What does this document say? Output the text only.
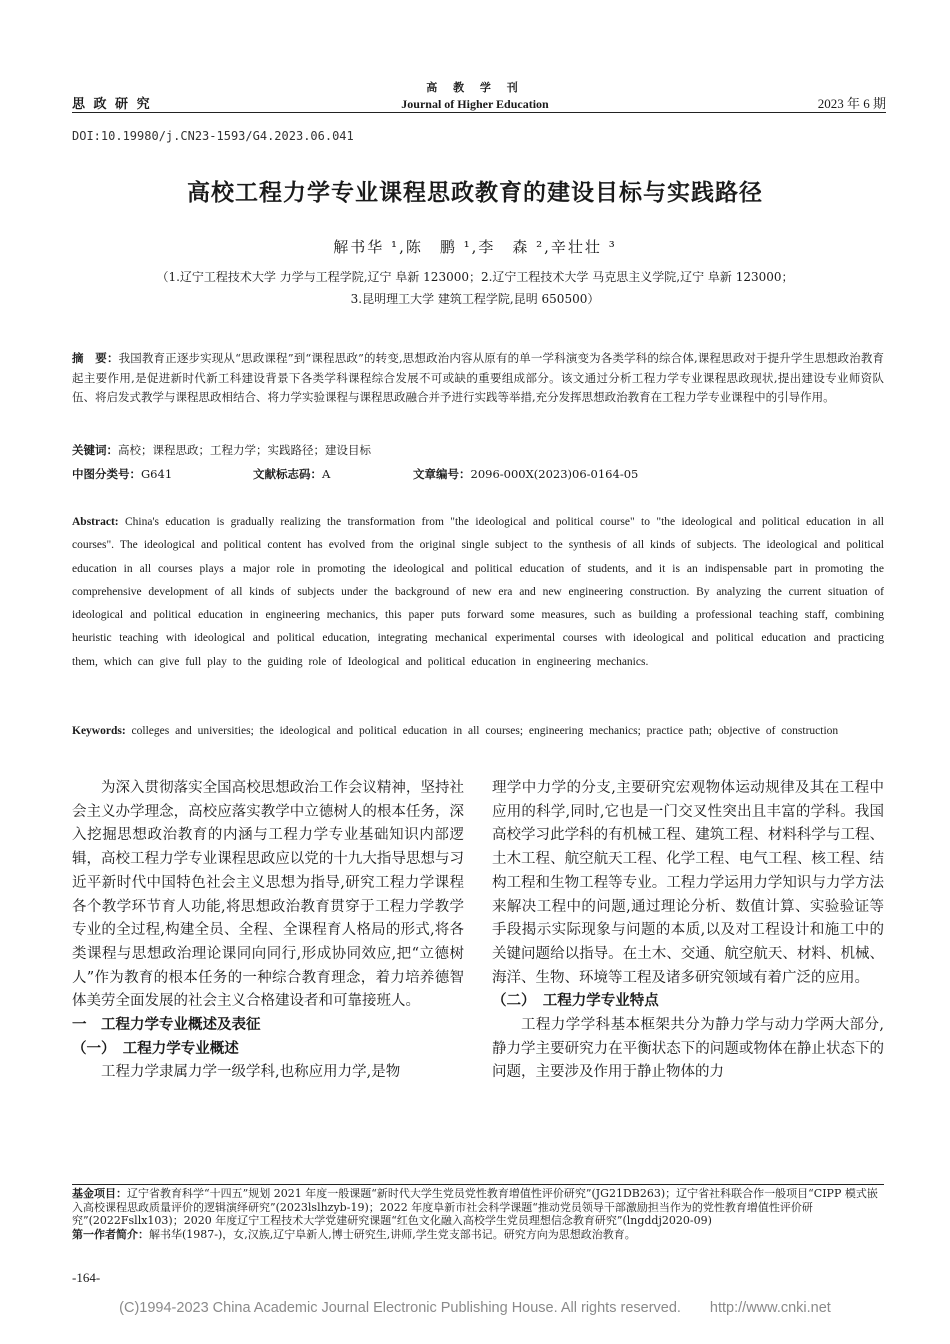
思 政 研 究
高 教 学 刊
Journal of Higher Education	2023 年 6 期
DOI:10.19980/j.CN23-1593/G4.2023.06.041
高校工程力学专业课程思政教育的建设目标与实践路径
解书华 ¹,陈　鹏 ¹,李　森 ²,辛壮壮 ³
（1.辽宁工程技术大学 力学与工程学院,辽宁 阜新 123000；2.辽宁工程技术大学 马克思主义学院,辽宁 阜新 123000；
3.昆明理工大学 建筑工程学院,昆明 650500）
摘　要：我国教育正逐步实现从“思政课程”到“课程思政”的转变,思想政治内容从原有的单一学科演变为各类学科的综合体,课程思政对于提升学生思想政治教育起主要作用,是促进新时代新工科建设背景下各类学科课程综合发展不可或缺的重要组成部分。该文通过分析工程力学专业课程思政现状,提出建设专业师资队伍、将启发式教学与课程思政相结合、将力学实验课程与课程思政融合并予进行实践等举措,充分发挥思想政治教育在工程力学专业课程中的引导作用。
关键词：高校；课程思政；工程力学；实践路径；建设目标
中图分类号：G641	文献标志码：A	文章编号：2096-000X(2023)06-0164-05
Abstract: China's education is gradually realizing the transformation from "the ideological and political course" to "the ideological and political education in all courses". The ideological and political content has evolved from the original single subject to the synthesis of all kinds of subjects. The ideological and political education in all courses plays a major role in promoting the ideological and political education of students, and it is an indispensable part in promoting the comprehensive development of all kinds of subjects under the background of new era and new engineering construction. By analyzing the current situation of ideological and political education in engineering mechanics, this paper puts forward some measures, such as building a professional teaching staff, combining heuristic teaching with ideological and political education, integrating mechanical experimental courses with ideological and political education and practicing them, which can give full play to the guiding role of Ideological and political education in engineering mechanics.
Keywords: colleges and universities; the ideological and political education in all courses; engineering mechanics; practice path; objective of construction

为深入贯彻落实全国高校思想政治工作会议精神，坚持社会主义办学理念，高校应落实教学中立德树人的根本任务，深入挖掘思想政治教育的内涵与工程力学专业基础知识内部逻辑，高校工程力学专业课程思政应以党的十九大指导思想与习近平新时代中国特色社会主义思想为指导,研究工程力学课程各个教学环节育人功能,将思想政治教育贯穿于工程力学教学专业的全过程,构建全员、全程、全课程育人格局的形式,将各类课程与思想政治理论课同向同行,形成协同效应,把“立德树人”作为教育的根本任务的一种综合教育理念，着力培养德智体美劳全面发展的社会主义合格建设者和可靠接班人。

一　工程力学专业概述及表征
（一）　工程力学专业概述

工程力学隶属力学一级学科,也称应用力学,是物

理学中力学的分支,主要研究宏观物体运动规律及其在工程中应用的科学,同时,它也是一门交叉性突出且丰富的学科。我国高校学习此学科的有机械工程、建筑工程、材料科学与工程、土木工程、航空航天工程、化学工程、电气工程、核工程、结构工程和生物工程等专业。工程力学运用力学知识与力学方法来解决工程中的问题,通过理论分析、数值计算、实验验证等手段揭示实际现象与问题的本质,以及对工程设计和施工中的关键问题给以指导。在土木、交通、航空航天、材料、机械、海洋、生物、环境等工程及诸多研究领域有着广泛的应用。

（二）　工程力学专业特点

工程力学学科基本框架共分为静力学与动力学两大部分,静力学主要研究力在平衡状态下的问题或物体在静止状态下的问题，主要涉及作用于静止物体的力

基金项目：辽宁省教育科学“十四五”规划 2021 年度一般课题“新时代大学生党员党性教育增值性评价研究”(JG21DB263)；辽宁省社科联合作一般项目“CIPP 模式嵌入高校课程思政质量评价的逻辑演绎研究”(2023lslhzyb-19)；2022 年度阜新市社会科学课题“推动党员领导干部激励担当作为的党性教育增值性评价研究”(2022Fsllx103)；2020 年度辽宁工程技术大学党建研究课题“红色文化融入高校学生党员理想信念教育研究”(lngddj2020-09)

第一作者简介：解书华(1987-)，女,汉族,辽宁阜新人,博士研究生,讲师,学生党支部书记。研究方向为思想政治教育。

-164-
(C)1994-2023 China Academic Journal Electronic Publishing House. All rights reserved.　　http://www.cnki.net
